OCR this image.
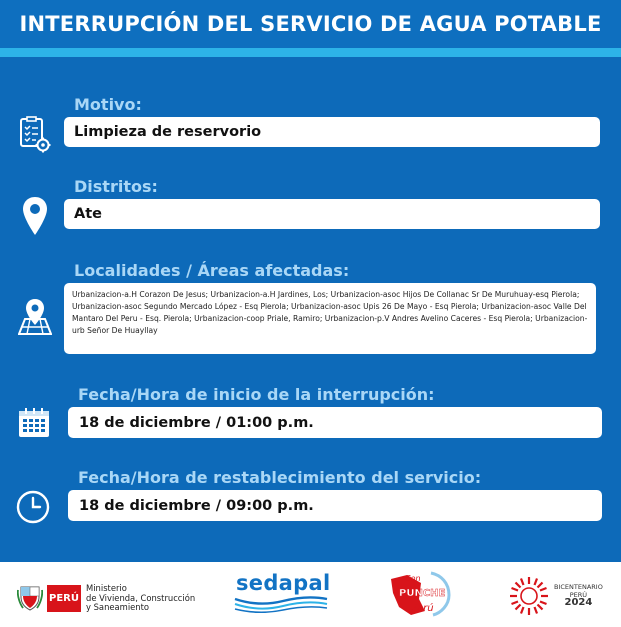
INTERRUPCIÓN DEL SERVICIO DE AGUA POTABLE
Motivo:
Limpieza de reservorio
Distritos:
Ate
Localidades / Áreas afectadas:
Urbanizacion-a.H Corazon De Jesus; Urbanizacion-a.H Jardines, Los; Urbanizacion-asoc Hijos De Collanac Sr De Muruhuay-esq Pierola; Urbanizacion-asoc Segundo Mercado López - Esq Pierola; Urbanizacion-asoc Upis 26 De Mayo - Esq Pierola; Urbanizacion-asoc Valle Del Mantaro Del Peru - Esq. Pierola; Urbanizacion-coop Priale, Ramiro; Urbanizacion-p.V Andres Avelino Caceres - Esq Pierola; Urbanizacion-urb Señor De Huayllay
Fecha/Hora de inicio de la interrupción:
18 de diciembre / 01:00 p.m.
Fecha/Hora de restablecimiento del servicio:
18 de diciembre / 09:00 p.m.
PERÚ
Ministerio
de Vivienda, Construcción
y Saneamiento
sedapal	Con
PUNCHE
Perú
BICENTENARIO
PERÚ
2024
